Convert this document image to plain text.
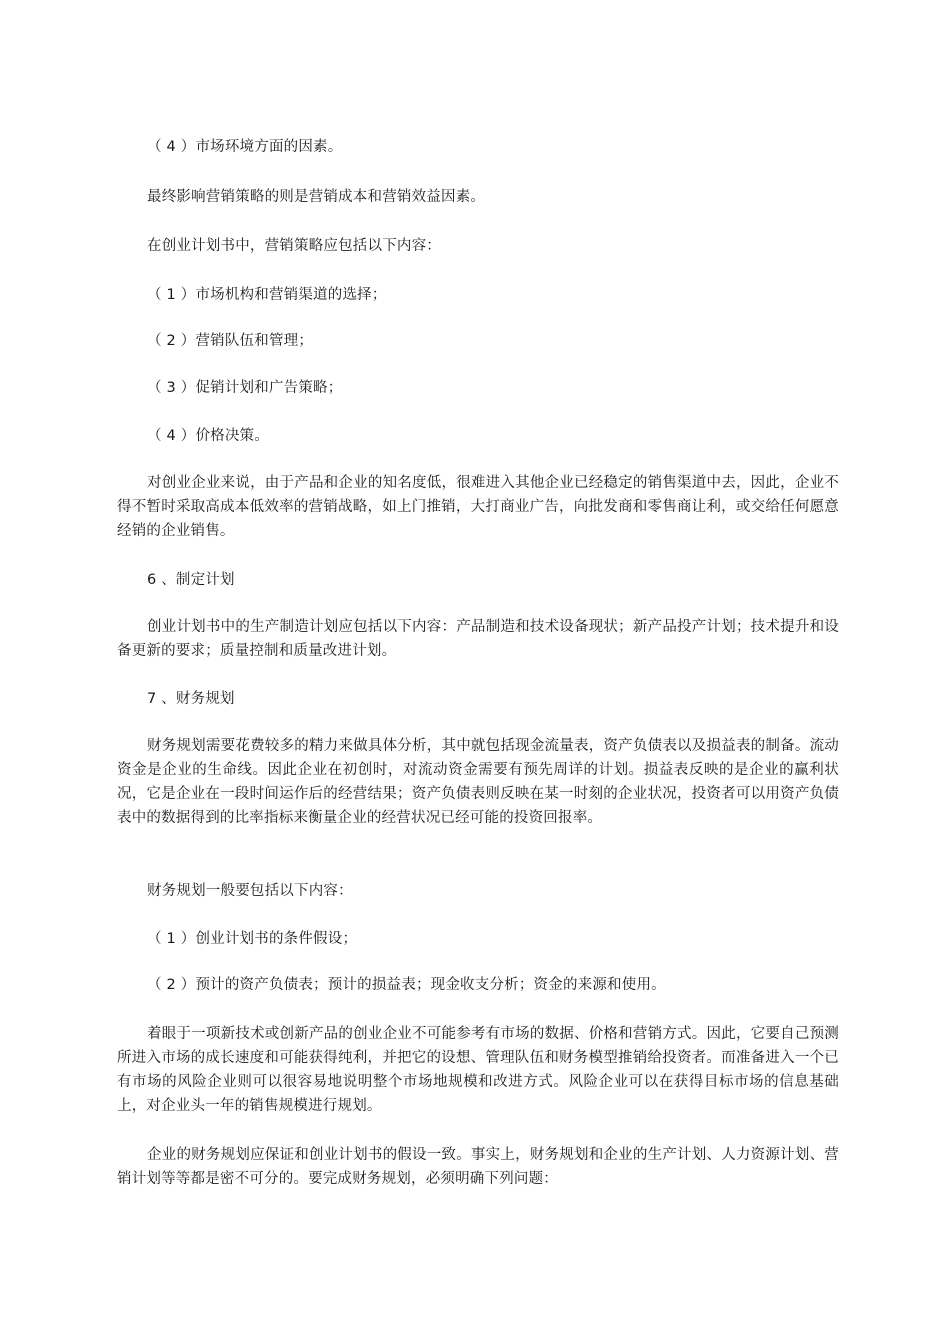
（ 4 ）市场环境方面的因素。

最终影响营销策略的则是营销成本和营销效益因素。

在创业计划书中，营销策略应包括以下内容：

（ 1 ）市场机构和营销渠道的选择；

（ 2 ）营销队伍和管理；

（ 3 ）促销计划和广告策略；

（ 4 ）价格决策。

对创业企业来说，由于产品和企业的知名度低，很难进入其他企业已经稳定的销售渠道中去，因此，企业不得不暂时采取高成本低效率的营销战略，如上门推销，大打商业广告，向批发商和零售商让利，或交给任何愿意经销的企业销售。

6 、制定计划

创业计划书中的生产制造计划应包括以下内容：产品制造和技术设备现状；新产品投产计划；技术提升和设备更新的要求；质量控制和质量改进计划。

7 、财务规划

财务规划需要花费较多的精力来做具体分析，其中就包括现金流量表，资产负债表以及损益表的制备。流动资金是企业的生命线。因此企业在初创时，对流动资金需要有预先周详的计划。损益表反映的是企业的赢利状况，它是企业在一段时间运作后的经营结果；资产负债表则反映在某一时刻的企业状况，投资者可以用资产负债表中的数据得到的比率指标来衡量企业的经营状况已经可能的投资回报率。

财务规划一般要包括以下内容：

（ 1 ）创业计划书的条件假设；

（ 2 ）预计的资产负债表；预计的损益表；现金收支分析；资金的来源和使用。

着眼于一项新技术或创新产品的创业企业不可能参考有市场的数据、价格和营销方式。因此，它要自己预测所进入市场的成长速度和可能获得纯利，并把它的设想、管理队伍和财务模型推销给投资者。而准备进入一个已有市场的风险企业则可以很容易地说明整个市场地规模和改进方式。风险企业可以在获得目标市场的信息基础上，对企业头一年的销售规模进行规划。

企业的财务规划应保证和创业计划书的假设一致。事实上，财务规划和企业的生产计划、人力资源计划、营销计划等等都是密不可分的。要完成财务规划，必须明确下列问题：
